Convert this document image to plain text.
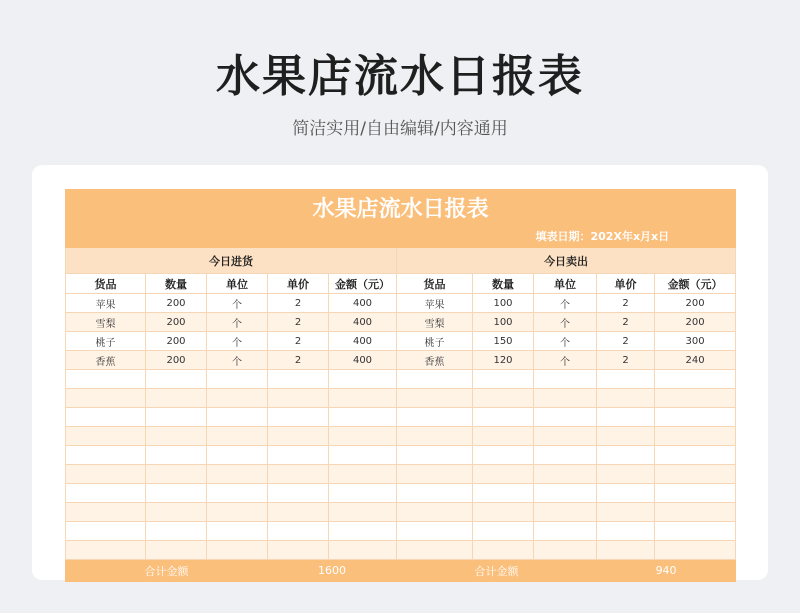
水果店流水日报表
简洁实用/自由编辑/内容通用
水果店流水日报表									
填表日期：202X年x月x日									
今日进货					今日卖出				
货品	数量	单位	单价	金额（元）	货品	数量	单位	单价	金额（元）
苹果	200	个	2	400	苹果	100	个	2	200
雪梨	200	个	2	400	雪梨	100	个	2	200
桃子	200	个	2	400	桃子	150	个	2	300
香蕉	200	个	2	400	香蕉	120	个	2	240

合计金额			1600		合计金额			940	
